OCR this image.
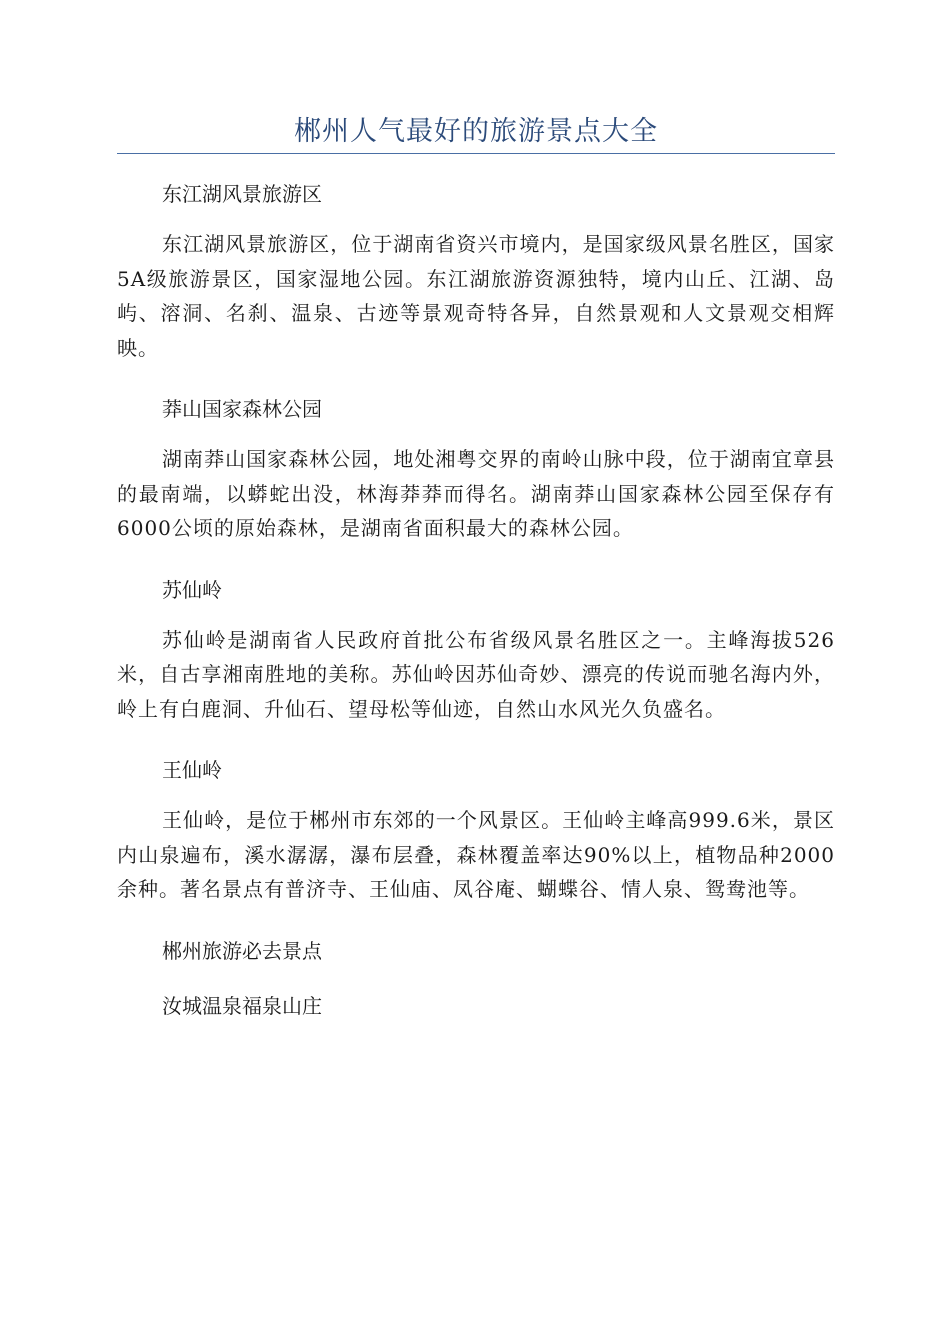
郴州人气最好的旅游景点大全

东江湖风景旅游区

东江湖风景旅游区，位于湖南省资兴市境内，是国家级风景名胜区，国家5A级旅游景区，国家湿地公园。东江湖旅游资源独特，境内山丘、江湖、岛屿、溶洞、名刹、温泉、古迹等景观奇特各异，自然景观和人文景观交相辉映。

莽山国家森林公园

湖南莽山国家森林公园，地处湘粤交界的南岭山脉中段，位于湖南宜章县的最南端，以蟒蛇出没，林海莽莽而得名。湖南莽山国家森林公园至保存有6000公顷的原始森林，是湖南省面积最大的森林公园。

苏仙岭

苏仙岭是湖南省人民政府首批公布省级风景名胜区之一。主峰海拔526米，自古享湘南胜地的美称。苏仙岭因苏仙奇妙、漂亮的传说而驰名海内外，岭上有白鹿洞、升仙石、望母松等仙迹，自然山水风光久负盛名。

王仙岭

王仙岭，是位于郴州市东郊的一个风景区。王仙岭主峰高999.6米，景区内山泉遍布，溪水潺潺，瀑布层叠，森林覆盖率达90%以上，植物品种2000余种。著名景点有普济寺、王仙庙、凤谷庵、蝴蝶谷、情人泉、鸳鸯池等。

郴州旅游必去景点

汝城温泉福泉山庄
